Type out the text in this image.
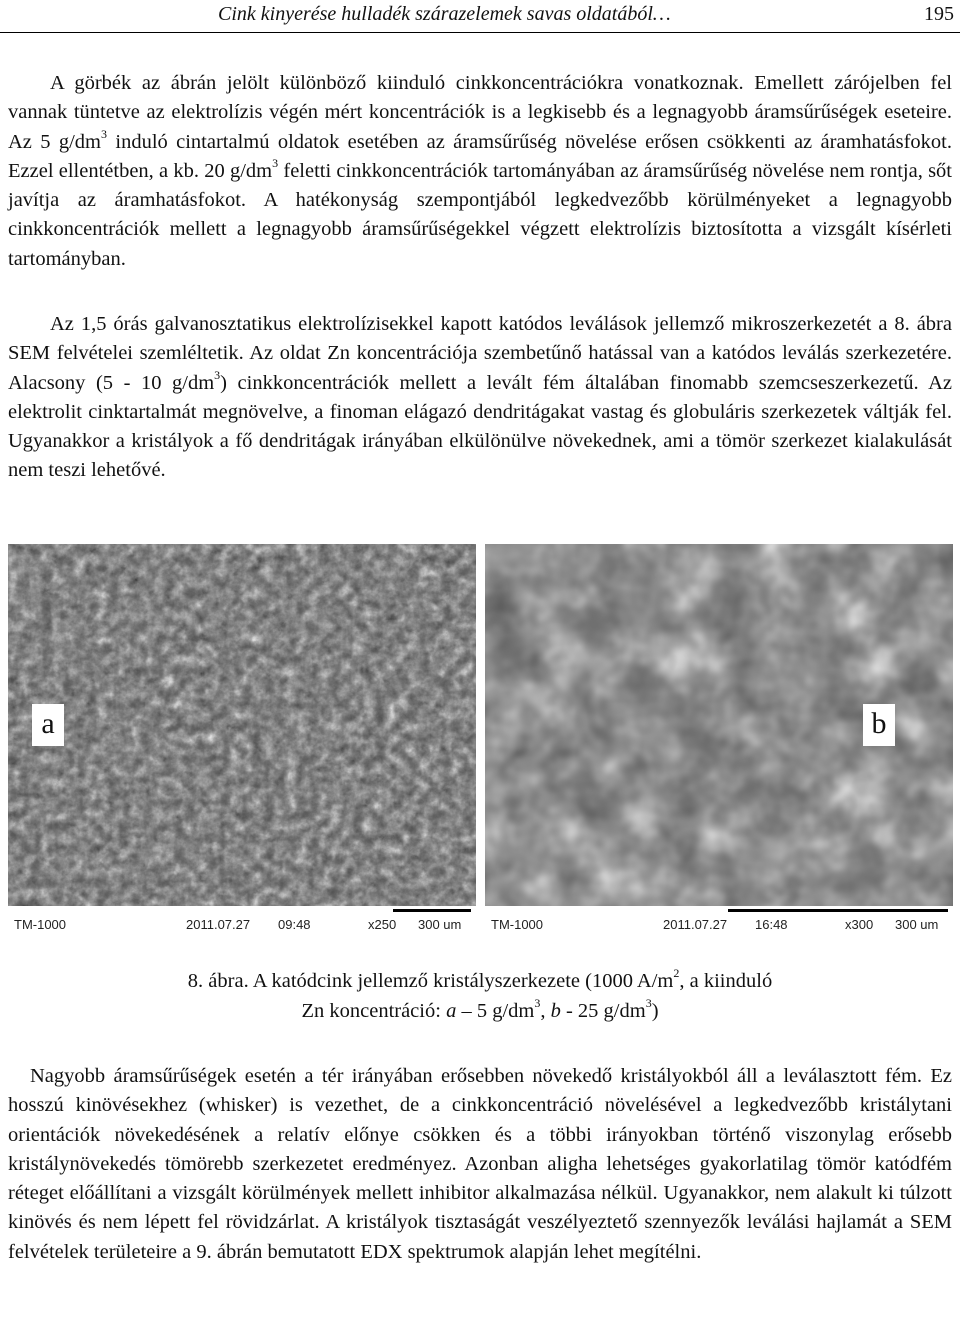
Cink kinyerése hulladék szárazelemek savas oldatából…	195

A görbék az ábrán jelölt különböző kiinduló cinkkoncentrációkra vonatkoznak. Emellett zárójelben fel vannak tüntetve az elektrolízis végén mért koncentrációk is a legkisebb és a legnagyobb áramsűrűségek eseteire. Az 5 $g/dm^3$ induló cintartalmú oldatok esetében az áramsűrűség növelése erősen csökkenti az áramhatásfokot. Ezzel ellentétben, a kb. 20 $g/dm^3$ feletti cinkkoncentrációk tartományában az áramsűrűség növelése nem rontja, sőt javítja az áramhatásfokot. A hatékonyság szempontjából legkedvezőbb körülményeket a legnagyobb cinkkoncentrációk mellett a legnagyobb áramsűrűségekkel végzett elektrolízis biztosította a vizsgált kísérleti tartományban.

Az 1,5 órás galvanosztatikus elektrolízisekkel kapott katódos leválások jellemző mikroszerkezetét a 8. ábra SEM felvételei szemléltetik. Az oldat Zn koncentrációja szembetűnő hatással van a katódos leválás szerkezetére. Alacsony (5 - 10 $g/dm^3$) cinkkoncentrációk mellett a levált fém általában finomabb szemcseszerkezetű. Az elektrolit cinktartalmát megnövelve, a finoman elágazó dendritágakat vastag és globuláris szerkezetek váltják fel. Ugyanakkor a kristályok a fő dendritágak irányában elkülönülve növekednek, ami a tömör szerkezet kialakulását nem teszi lehetővé.

a
TM-1000	2011.07.27 09:48	x250 300 um
b
TM-1000	2011.07.27 16:48	x300 300 um
8. ábra. A katódcink jellemző kristályszerkezete (1000 $A/m^2$, a kiinduló
Zn koncentráció: a – 5 $g/dm^3$, b - 25 $g/dm^3$)

Nagyobb áramsűrűségek esetén a tér irányában erősebben növekedő kristályokból áll a leválasztott fém. Ez hosszú kinövésekhez (whisker) is vezethet, de a cinkkoncentráció növelésével a legkedvezőbb kristálytani orientációk növekedésének a relatív előnye csökken és a többi irányokban történő viszonylag erősebb kristálynövekedés tömörebb szerkezetet eredményez. Azonban aligha lehetséges gyakorlatilag tömör katódfém réteget előállítani a vizsgált körülmények mellett inhibitor alkalmazása nélkül. Ugyanakkor, nem alakult ki túlzott kinövés és nem lépett fel rövidzárlat. A kristályok tisztaságát veszélyeztető szennyezők leválási hajlamát a SEM felvételek területeire a 9. ábrán bemutatott EDX spektrumok alapján lehet megítélni.
